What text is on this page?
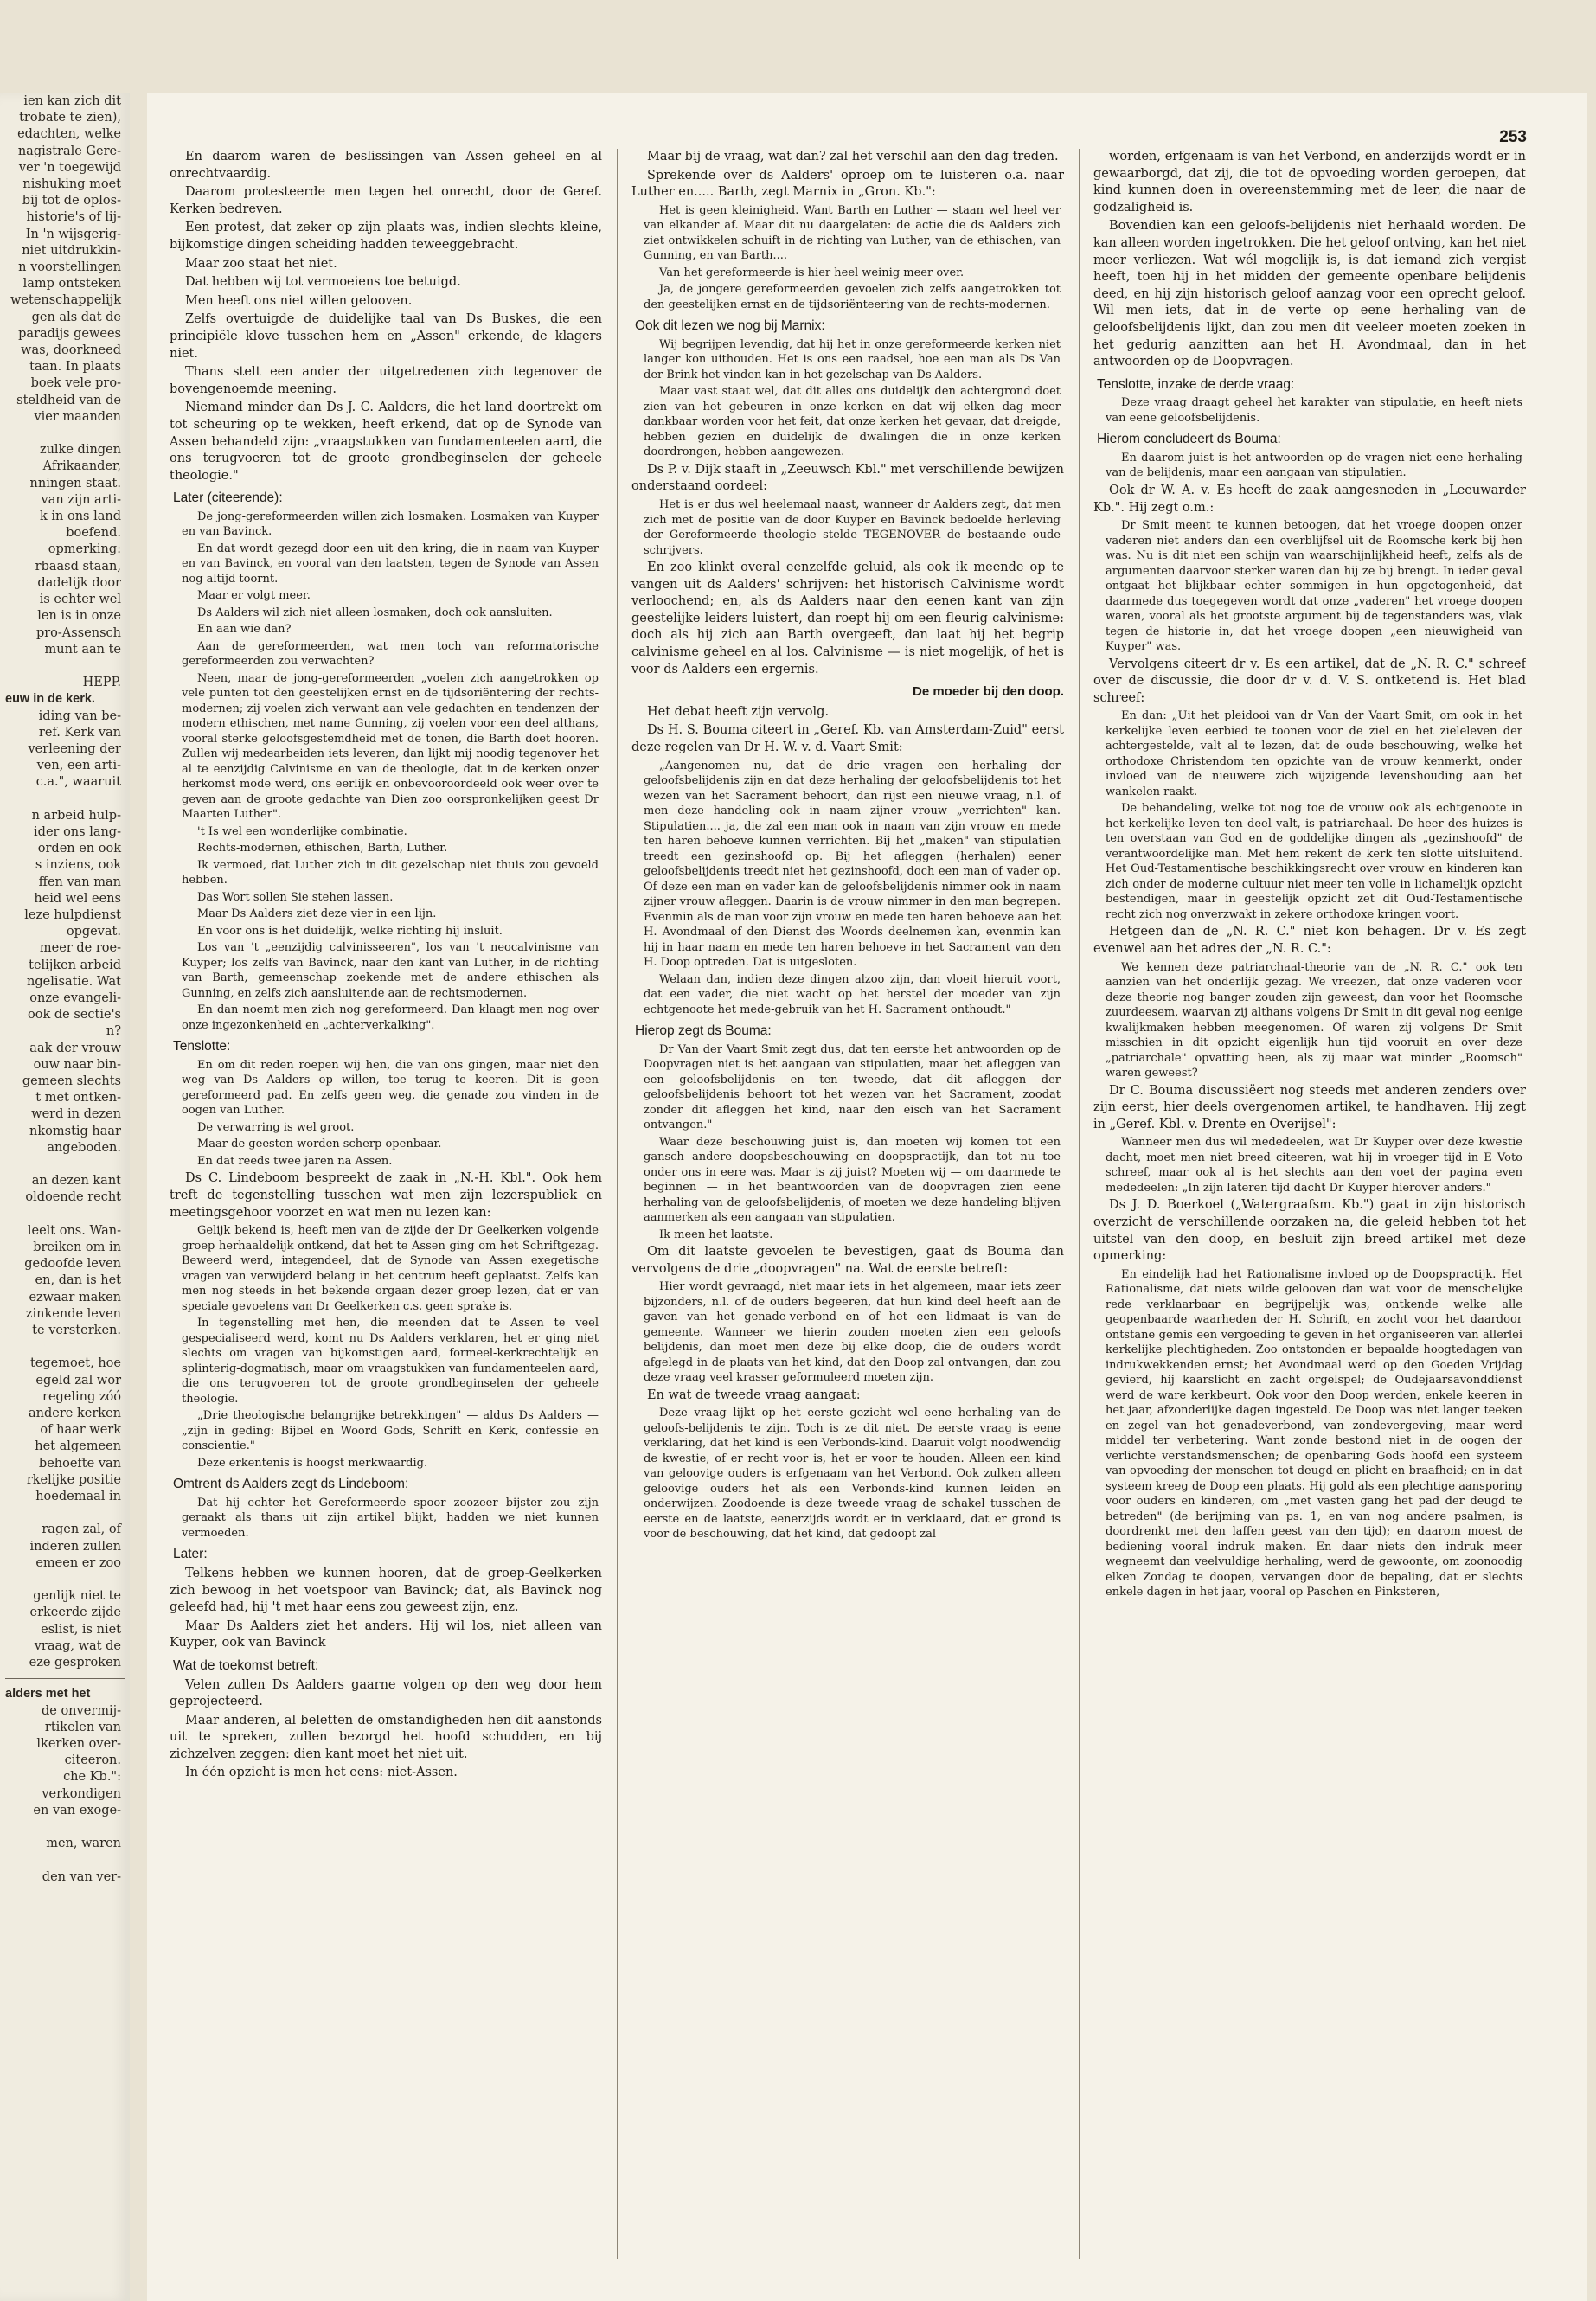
ien kan zich dit

trobate te zien),

edachten, welke

nagistrale Gere-

ver 'n toegewijd

nishuking moet

bij tot de oplos-

historie's of lij-

In 'n wijsgerig-

niet uitdrukkin-

n voorstellingen

lamp ontsteken

wetenschappelijk

gen als dat de

paradijs gewees

was, doorkneed

taan. In plaats

boek vele pro-

steldheid van de

vier maanden

zulke dingen

Afrikaander,

nningen staat.

van zijn arti-

k in ons land

boefend.

opmerking:

rbaasd staan,

dadelijk door

is echter wel

len is in onze

pro-Assensch

munt aan te

HEPP.

euw in de kerk.

iding van be-

ref. Kerk van

verleening der

ven, een arti-

c.a.", waaruit

n arbeid hulp-

ider ons lang-

orden en ook

s inziens, ook

ffen van man

heid wel eens

leze hulpdienst

opgevat.

meer de roe-

telijken arbeid

ngelisatie. Wat

onze evangeli-

ook de sectie's

n?

aak der vrouw

ouw naar bin-

gemeen slechts

t met ontken-

werd in dezen

nkomstig haar

angeboden.

an dezen kant

oldoende recht

leelt ons. Wan-

breiken om in

gedoofde leven

en, dan is het

ezwaar maken

zinkende leven

te versterken.

tegemoet, hoe

egeld zal wor

regeling zóó

andere kerken

of haar werk

het algemeen

behoefte van

rkelijke positie

hoedemaal in

ragen zal, of

inderen zullen

emeen er zoo

genlijk niet te

erkeerde zijde

eslist, is niet

vraag, wat de

eze gesproken

alders met het

de onvermij-

rtikelen van

lkerken over-

citeeron.

che Kb.":

verkondigen

en van exoge-

men, waren

den van ver-

253

En daarom waren de beslissingen van Assen geheel en al onrechtvaardig.

Daarom protesteerde men tegen het onrecht, door de Geref. Kerken bedreven.

Een protest, dat zeker op zijn plaats was, indien slechts kleine, bijkomstige dingen scheiding hadden teweeggebracht.

Maar zoo staat het niet.

Dat hebben wij tot vermoeiens toe betuigd.

Men heeft ons niet willen gelooven.

Zelfs overtuigde de duidelijke taal van Ds Buskes, die een principiële klove tusschen hem en „Assen" erkende, de klagers niet.

Thans stelt een ander der uitgetredenen zich tegenover de bovengenoemde meening.

Niemand minder dan Ds J. C. Aalders, die het land doortrekt om tot scheuring op te wekken, heeft erkend, dat op de Synode van Assen behandeld zijn: „vraagstukken van fundamenteelen aard, die ons terugvoeren tot de groote grondbeginselen der geheele theologie."

Later (citeerende):

De jong-gereformeerden willen zich losmaken. Losmaken van Kuyper en van Bavinck.

En dat wordt gezegd door een uit den kring, die in naam van Kuyper en van Bavinck, en vooral van den laatsten, tegen de Synode van Assen nog altijd toornt.

Maar er volgt meer.

Ds Aalders wil zich niet alleen losmaken, doch ook aansluiten.

En aan wie dan?

Aan de gereformeerden, wat men toch van reformatorische gereformeerden zou verwachten?

Neen, maar de jong-gereformeerden „voelen zich aangetrokken op vele punten tot den geestelijken ernst en de tijdsoriëntering der rechts-modernen; zij voelen zich verwant aan vele gedachten en tendenzen der modern ethischen, met name Gunning, zij voelen voor een deel althans, vooral sterke geloofsgestemdheid met de tonen, die Barth doet hooren. Zullen wij medearbeiden iets leveren, dan lijkt mij noodig tegenover het al te eenzijdig Calvinisme en van de theologie, dat in de kerken onzer herkomst mode werd, ons eerlijk en onbevooroordeeld ook weer over te geven aan de groote gedachte van Dien zoo oorspronkelijken geest Dr Maarten Luther".

't Is wel een wonderlijke combinatie.

Rechts-modernen, ethischen, Barth, Luther.

Ik vermoed, dat Luther zich in dit gezelschap niet thuis zou gevoeld hebben.

Das Wort sollen Sie stehen lassen.

Maar Ds Aalders ziet deze vier in een lijn.

En voor ons is het duidelijk, welke richting hij insluit.

Los van 't „eenzijdig calvinisseeren", los van 't neocalvinisme van Kuyper; los zelfs van Bavinck, naar den kant van Luther, in de richting van Barth, gemeenschap zoekende met de andere ethischen als Gunning, en zelfs zich aansluitende aan de rechtsmodernen.

En dan noemt men zich nog gereformeerd. Dan klaagt men nog over onze ingezonkenheid en „achterverkalking".

Tenslotte:

En om dit reden roepen wij hen, die van ons gingen, maar niet den weg van Ds Aalders op willen, toe terug te keeren. Dit is geen gereformeerd pad. En zelfs geen weg, die genade zou vinden in de oogen van Luther.

De verwarring is wel groot.

Maar de geesten worden scherp openbaar.

En dat reeds twee jaren na Assen.

Ds C. Lindeboom bespreekt de zaak in „N.-H. Kbl.". Ook hem treft de tegenstelling tusschen wat men zijn lezerspubliek en meetingsgehoor voorzet en wat men nu lezen kan:

Gelijk bekend is, heeft men van de zijde der Dr Geelkerken volgende groep herhaaldelijk ontkend, dat het te Assen ging om het Schriftgezag. Beweerd werd, integendeel, dat de Synode van Assen exegetische vragen van verwijderd belang in het centrum heeft geplaatst. Zelfs kan men nog steeds in het bekende orgaan dezer groep lezen, dat er van speciale gevoelens van Dr Geelkerken c.s. geen sprake is.

In tegenstelling met hen, die meenden dat te Assen te veel gespecialiseerd werd, komt nu Ds Aalders verklaren, het er ging niet slechts om vragen van bijkomstigen aard, formeel-kerkrechtelijk en splinterig-dogmatisch, maar om vraagstukken van fundamenteelen aard, die ons terugvoeren tot de groote grondbeginselen der geheele theologie.

„Drie theologische belangrijke betrekkingen" — aldus Ds Aalders — „zijn in geding: Bijbel en Woord Gods, Schrift en Kerk, confessie en conscientie."

Deze erkentenis is hoogst merkwaardig.

Omtrent ds Aalders zegt ds Lindeboom:

Dat hij echter het Gereformeerde spoor zoozeer bijster zou zijn geraakt als thans uit zijn artikel blijkt, hadden we niet kunnen vermoeden.

Later:

Telkens hebben we kunnen hooren, dat de groep-Geelkerken zich bewoog in het voetspoor van Bavinck; dat, als Bavinck nog geleefd had, hij 't met haar eens zou geweest zijn, enz.

Maar Ds Aalders ziet het anders. Hij wil los, niet alleen van Kuyper, ook van Bavinck

Wat de toekomst betreft:

Velen zullen Ds Aalders gaarne volgen op den weg door hem geprojecteerd.

Maar anderen, al beletten de omstandigheden hen dit aanstonds uit te spreken, zullen bezorgd het hoofd schudden, en bij zichzelven zeggen: dien kant moet het niet uit.

In één opzicht is men het eens: niet-Assen.

Maar bij de vraag, wat dan? zal het verschil aan den dag treden.

Sprekende over ds Aalders' oproep om te luisteren o.a. naar Luther en..... Barth, zegt Marnix in „Gron. Kb.":

Het is geen kleinigheid. Want Barth en Luther — staan wel heel ver van elkander af. Maar dit nu daargelaten: de actie die ds Aalders zich ziet ontwikkelen schuift in de richting van Luther, van de ethischen, van Gunning, en van Barth....

Van het gereformeerde is hier heel weinig meer over.

Ja, de jongere gereformeerden gevoelen zich zelfs aangetrokken tot den geestelijken ernst en de tijdsoriënteering van de rechts-modernen.

Ook dit lezen we nog bij Marnix:

Wij begrijpen levendig, dat hij het in onze gereformeerde kerken niet langer kon uithouden. Het is ons een raadsel, hoe een man als Ds Van der Brink het vinden kan in het gezelschap van Ds Aalders.

Maar vast staat wel, dat dit alles ons duidelijk den achtergrond doet zien van het gebeuren in onze kerken en dat wij elken dag meer dankbaar worden voor het feit, dat onze kerken het gevaar, dat dreigde, hebben gezien en duidelijk de dwalingen die in onze kerken doordrongen, hebben aangewezen.

Ds P. v. Dijk staaft in „Zeeuwsch Kbl." met verschillende bewijzen onderstaand oordeel:

Het is er dus wel heelemaal naast, wanneer dr Aalders zegt, dat men zich met de positie van de door Kuyper en Bavinck bedoelde herleving der Gereformeerde theologie stelde TEGENOVER de bestaande oude schrijvers.

En zoo klinkt overal eenzelfde geluid, als ook ik meende op te vangen uit ds Aalders' schrijven: het historisch Calvinisme wordt verloochend; en, als ds Aalders naar den eenen kant van zijn geestelijke leiders luistert, dan roept hij om een fleurig calvinisme: doch als hij zich aan Barth overgeeft, dan laat hij het begrip calvinisme geheel en al los. Calvinisme — is niet mogelijk, of het is voor ds Aalders een ergernis.

De moeder bij den doop.

Het debat heeft zijn vervolg.

Ds H. S. Bouma citeert in „Geref. Kb. van Amsterdam-Zuid" eerst deze regelen van Dr H. W. v. d. Vaart Smit:

„Aangenomen nu, dat de drie vragen een herhaling der geloofsbelijdenis zijn en dat deze herhaling der geloofsbelijdenis tot het wezen van het Sacrament behoort, dan rijst een nieuwe vraag, n.l. of men deze handeling ook in naam zijner vrouw „verrichten" kan. Stipulatien.... ja, die zal een man ook in naam van zijn vrouw en mede ten haren behoeve kunnen verrichten. Bij het „maken" van stipulatien treedt een gezinshoofd op. Bij het afleggen (herhalen) eener geloofsbelijdenis treedt niet het gezinshoofd, doch een man of vader op. Of deze een man en vader kan de geloofsbelijdenis nimmer ook in naam zijner vrouw afleggen. Daarin is de vrouw nimmer in den man begrepen. Evenmin als de man voor zijn vrouw en mede ten haren behoeve aan het H. Avondmaal of den Dienst des Woords deelnemen kan, evenmin kan hij in haar naam en mede ten haren behoeve in het Sacrament van den H. Doop optreden. Dat is uitgesloten.

Welaan dan, indien deze dingen alzoo zijn, dan vloeit hieruit voort, dat een vader, die niet wacht op het herstel der moeder van zijn echtgenoote het mede-gebruik van het H. Sacrament onthoudt."

Hierop zegt ds Bouma:

Dr Van der Vaart Smit zegt dus, dat ten eerste het antwoorden op de Doopvragen niet is het aangaan van stipulatien, maar het afleggen van een geloofsbelijdenis en ten tweede, dat dit afleggen der geloofsbelijdenis behoort tot het wezen van het Sacrament, zoodat zonder dit afleggen het kind, naar den eisch van het Sacrament ontvangen."

Waar deze beschouwing juist is, dan moeten wij komen tot een gansch andere doopsbeschouwing en doopspractijk, dan tot nu toe onder ons in eere was. Maar is zij juist? Moeten wij — om daarmede te beginnen — in het beantwoorden van de doopvragen zien eene herhaling van de geloofsbelijdenis, of moeten we deze handeling blijven aanmerken als een aangaan van stipulatien.

Ik meen het laatste.

Om dit laatste gevoelen te bevestigen, gaat ds Bouma dan vervolgens de drie „doopvragen" na. Wat de eerste betreft:

Hier wordt gevraagd, niet maar iets in het algemeen, maar iets zeer bijzonders, n.l. of de ouders begeeren, dat hun kind deel heeft aan de gaven van het genade-verbond en of het een lidmaat is van de gemeente. Wanneer we hierin zouden moeten zien een geloofs belijdenis, dan moet men deze bij elke doop, die de ouders wordt afgelegd in de plaats van het kind, dat den Doop zal ontvangen, dan zou deze vraag veel krasser geformuleerd moeten zijn.

En wat de tweede vraag aangaat:

Deze vraag lijkt op het eerste gezicht wel eene herhaling van de geloofs-belijdenis te zijn. Toch is ze dit niet. De eerste vraag is eene verklaring, dat het kind is een Verbonds-kind. Daaruit volgt noodwendig de kwestie, of er recht voor is, het er voor te houden. Alleen een kind van geloovige ouders is erfgenaam van het Verbond. Ook zulken alleen geloovige ouders het als een Verbonds-kind kunnen leiden en onderwijzen. Zoodoende is deze tweede vraag de schakel tusschen de eerste en de laatste, eenerzijds wordt er in verklaard, dat er grond is voor de beschouwing, dat het kind, dat gedoopt zal

worden, erfgenaam is van het Verbond, en anderzijds wordt er in gewaarborgd, dat zij, die tot de opvoeding worden geroepen, dat kind kunnen doen in overeenstemming met de leer, die naar de godzaligheid is.

Bovendien kan een geloofs-belijdenis niet herhaald worden. De kan alleen worden ingetrokken. Die het geloof ontving, kan het niet meer verliezen. Wat wél mogelijk is, is dat iemand zich vergist heeft, toen hij in het midden der gemeente openbare belijdenis deed, en hij zijn historisch geloof aanzag voor een oprecht geloof. Wil men iets, dat in de verte op eene herhaling van de geloofsbelijdenis lijkt, dan zou men dit veeleer moeten zoeken in het gedurig aanzitten aan het H. Avondmaal, dan in het antwoorden op de Doopvragen.

Tenslotte, inzake de derde vraag:

Deze vraag draagt geheel het karakter van stipulatie, en heeft niets van eene geloofsbelijdenis.

Hierom concludeert ds Bouma:

En daarom juist is het antwoorden op de vragen niet eene herhaling van de belijdenis, maar een aangaan van stipulatien.

Ook dr W. A. v. Es heeft de zaak aangesneden in „Leeuwarder Kb.". Hij zegt o.m.:

Dr Smit meent te kunnen betoogen, dat het vroege doopen onzer vaderen niet anders dan een overblijfsel uit de Roomsche kerk bij hen was. Nu is dit niet een schijn van waarschijnlijkheid heeft, zelfs als de argumenten daarvoor sterker waren dan hij ze bij brengt. In ieder geval ontgaat het blijkbaar echter sommigen in hun opgetogenheid, dat daarmede dus toegegeven wordt dat onze „vaderen" het vroege doopen waren, vooral als het grootste argument bij de tegenstanders was, vlak tegen de historie in, dat het vroege doopen „een nieuwigheid van Kuyper" was.

Vervolgens citeert dr v. Es een artikel, dat de „N. R. C." schreef over de discussie, die door dr v. d. V. S. ontketend is. Het blad schreef:

En dan: „Uit het pleidooi van dr Van der Vaart Smit, om ook in het kerkelijke leven eerbied te toonen voor de ziel en het zieleleven der achtergestelde, valt al te lezen, dat de oude beschouwing, welke het orthodoxe Christendom ten opzichte van de vrouw kenmerkt, onder invloed van de nieuwere zich wijzigende levenshouding aan het wankelen raakt.

De behandeling, welke tot nog toe de vrouw ook als echtgenoote in het kerkelijke leven ten deel valt, is patriarchaal. De heer des huizes is ten overstaan van God en de goddelijke dingen als „gezinshoofd" de verantwoordelijke man. Met hem rekent de kerk ten slotte uitsluitend. Het Oud-Testamentische beschikkingsrecht over vrouw en kinderen kan zich onder de moderne cultuur niet meer ten volle in lichamelijk opzicht bestendigen, maar in geestelijk opzicht zet dit Oud-Testamentische recht zich nog onverzwakt in zekere orthodoxe kringen voort.

Hetgeen dan de „N. R. C." niet kon behagen. Dr v. Es zegt evenwel aan het adres der „N. R. C.":

We kennen deze patriarchaal-theorie van de „N. R. C." ook ten aanzien van het onderlijk gezag. We vreezen, dat onze vaderen voor deze theorie nog banger zouden zijn geweest, dan voor het Roomsche zuurdeesem, waarvan zij althans volgens Dr Smit in dit geval nog eenige kwalijkmaken hebben meegenomen. Of waren zij volgens Dr Smit misschien in dit opzicht eigenlijk hun tijd vooruit en over deze „patriarchale" opvatting heen, als zij maar wat minder „Roomsch" waren geweest?

Dr C. Bouma discussiëert nog steeds met anderen zenders over zijn eerst, hier deels overgenomen artikel, te handhaven. Hij zegt in „Geref. Kbl. v. Drente en Overijsel":

Wanneer men dus wil mededeelen, wat Dr Kuyper over deze kwestie dacht, moet men niet breed citeeren, wat hij in vroeger tijd in E Voto schreef, maar ook al is het slechts aan den voet der pagina even mededeelen: „In zijn lateren tijd dacht Dr Kuyper hierover anders."

Ds J. D. Boerkoel („Watergraafsm. Kb.") gaat in zijn historisch overzicht de verschillende oorzaken na, die geleid hebben tot het uitstel van den doop, en besluit zijn breed artikel met deze opmerking:

En eindelijk had het Rationalisme invloed op de Doopspractijk. Het Rationalisme, dat niets wilde gelooven dan wat voor de menschelijke rede verklaarbaar en begrijpelijk was, ontkende welke alle geopenbaarde waarheden der H. Schrift, en zocht voor het daardoor ontstane gemis een vergoeding te geven in het organiseeren van allerlei kerkelijke plechtigheden. Zoo ontstonden er bepaalde hoogtedagen van indrukwekkenden ernst; het Avondmaal werd op den Goeden Vrijdag gevierd, hij kaarslicht en zacht orgelspel; de Oudejaarsavonddienst werd de ware kerkbeurt. Ook voor den Doop werden, enkele keeren in het jaar, afzonderlijke dagen ingesteld. De Doop was niet langer teeken en zegel van het genadeverbond, van zondevergeving, maar werd middel ter verbetering. Want zonde bestond niet in de oogen der verlichte verstandsmenschen; de openbaring Gods hoofd een systeem van opvoeding der menschen tot deugd en plicht en braafheid; en in dat systeem kreeg de Doop een plaats. Hij gold als een plechtige aansporing voor ouders en kinderen, om „met vasten gang het pad der deugd te betreden" (de berijming van ps. 1, en van nog andere psalmen, is doordrenkt met den laffen geest van den tijd); en daarom moest de bediening vooral indruk maken. En daar niets den indruk meer wegneemt dan veelvuldige herhaling, werd de gewoonte, om zoonoodig elken Zondag te doopen, vervangen door de bepaling, dat er slechts enkele dagen in het jaar, vooral op Paschen en Pinksteren,
